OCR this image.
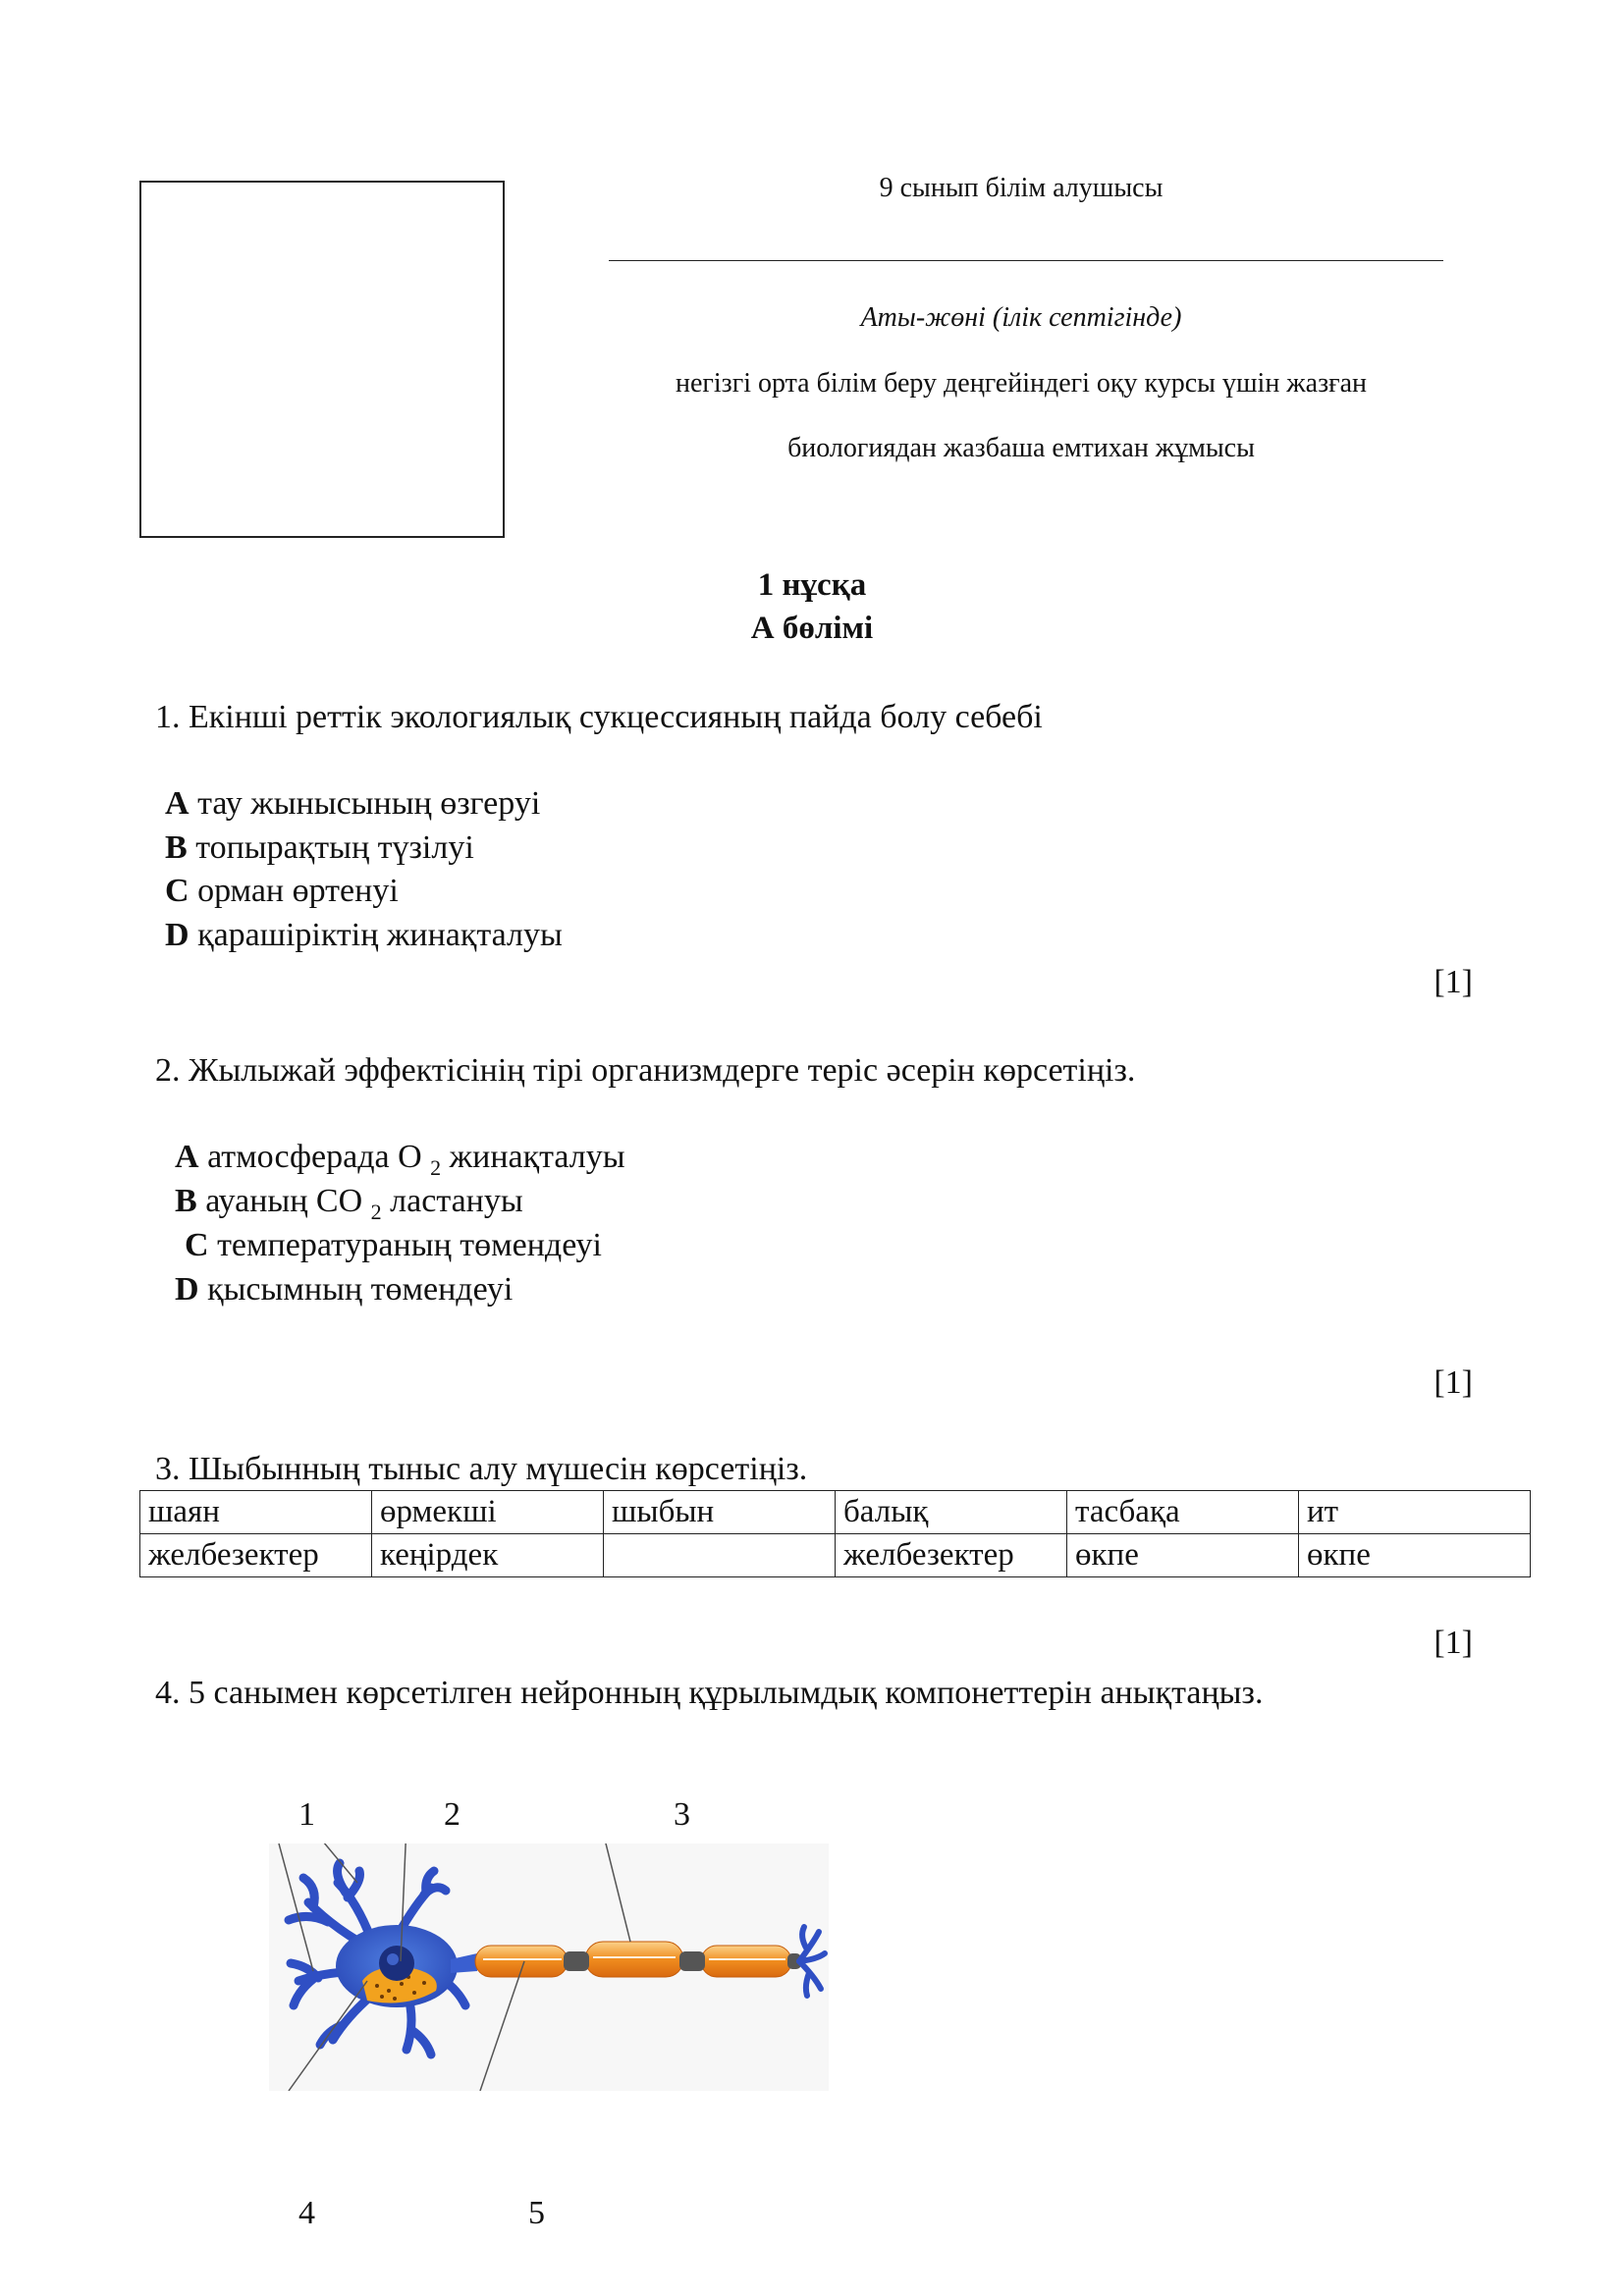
9 сынып білім алушысы
Аты-жөні (ілік септігінде)
негізгі орта білім беру деңгейіндегі оқу курсы үшін жазған
биологиядан жазбаша емтихан жұмысы
1 нұсқа
А бөлімі
1. Екінші реттік экологиялық сукцессияның пайда болу себебі
A тау жынысының өзгеруі
B топырақтың түзілуі
C орман өртенуі
D қарашіріктің жинақталуы
[1]
2. Жылыжай эффектісінің тірі организмдерге теріс әсерін көрсетіңіз.
A атмосферада О $_2$ жинақталуы
B ауаның СО $_2$ ластануы
C температураның төмендеуі
D қысымның төмендеуі
[1]
3. Шыбынның тыныс алу мүшесін көрсетіңіз.
шаян	өрмекші	шыбын	балық	тасбақа	ит
желбезектер	кеңірдек		желбезектер	өкпе	өкпе
[1]
4. 5 санымен көрсетілген нейронның құрылымдық компонеттерін анықтаңыз.
1	2	3
4	5
